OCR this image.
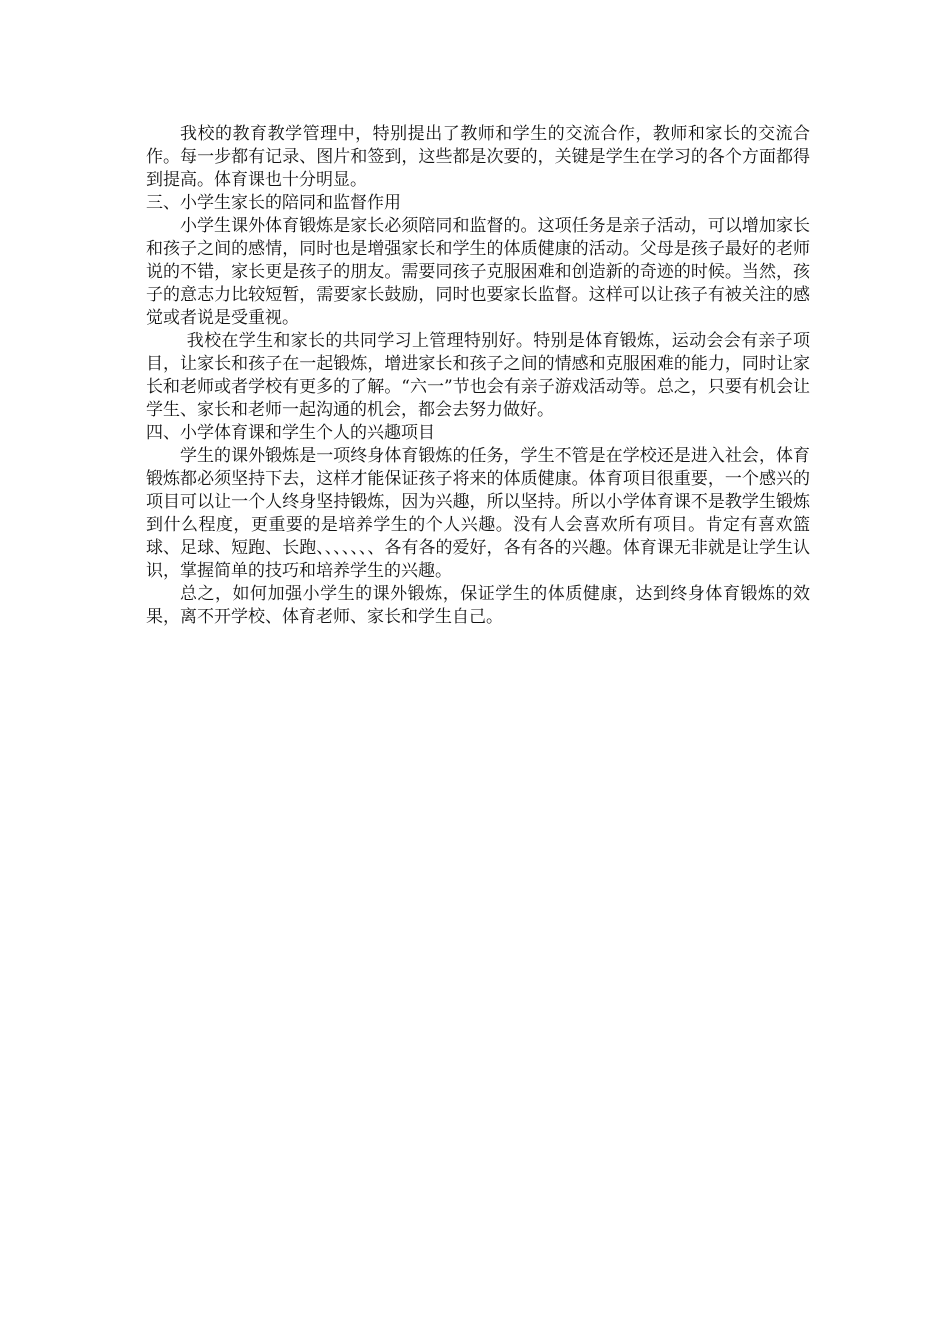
我校的教育教学管理中，特别提出了教师和学生的交流合作，教师和家长的交流合作。每一步都有记录、图片和签到，这些都是次要的，关键是学生在学习的各个方面都得到提高。体育课也十分明显。

三、小学生家长的陪同和监督作用

小学生课外体育锻炼是家长必须陪同和监督的。这项任务是亲子活动，可以增加家长和孩子之间的感情，同时也是增强家长和学生的体质健康的活动。父母是孩子最好的老师说的不错，家长更是孩子的朋友。需要同孩子克服困难和创造新的奇迹的时候。当然，孩子的意志力比较短暂，需要家长鼓励，同时也要家长监督。这样可以让孩子有被关注的感觉或者说是受重视。

我校在学生和家长的共同学习上管理特别好。特别是体育锻炼，运动会会有亲子项目，让家长和孩子在一起锻炼，增进家长和孩子之间的情感和克服困难的能力，同时让家长和老师或者学校有更多的了解。“六一”节也会有亲子游戏活动等。总之，只要有机会让学生、家长和老师一起沟通的机会，都会去努力做好。

四、小学体育课和学生个人的兴趣项目

学生的课外锻炼是一项终身体育锻炼的任务，学生不管是在学校还是进入社会，体育锻炼都必须坚持下去，这样才能保证孩子将来的体质健康。体育项目很重要，一个感兴的项目可以让一个人终身坚持锻炼，因为兴趣，所以坚持。所以小学体育课不是教学生锻炼到什么程度，更重要的是培养学生的个人兴趣。没有人会喜欢所有项目。肯定有喜欢篮球、足球、短跑、长跑、、、、、、、各有各的爱好，各有各的兴趣。体育课无非就是让学生认识，掌握简单的技巧和培养学生的兴趣。

总之，如何加强小学生的课外锻炼，保证学生的体质健康，达到终身体育锻炼的效果，离不开学校、体育老师、家长和学生自己。
